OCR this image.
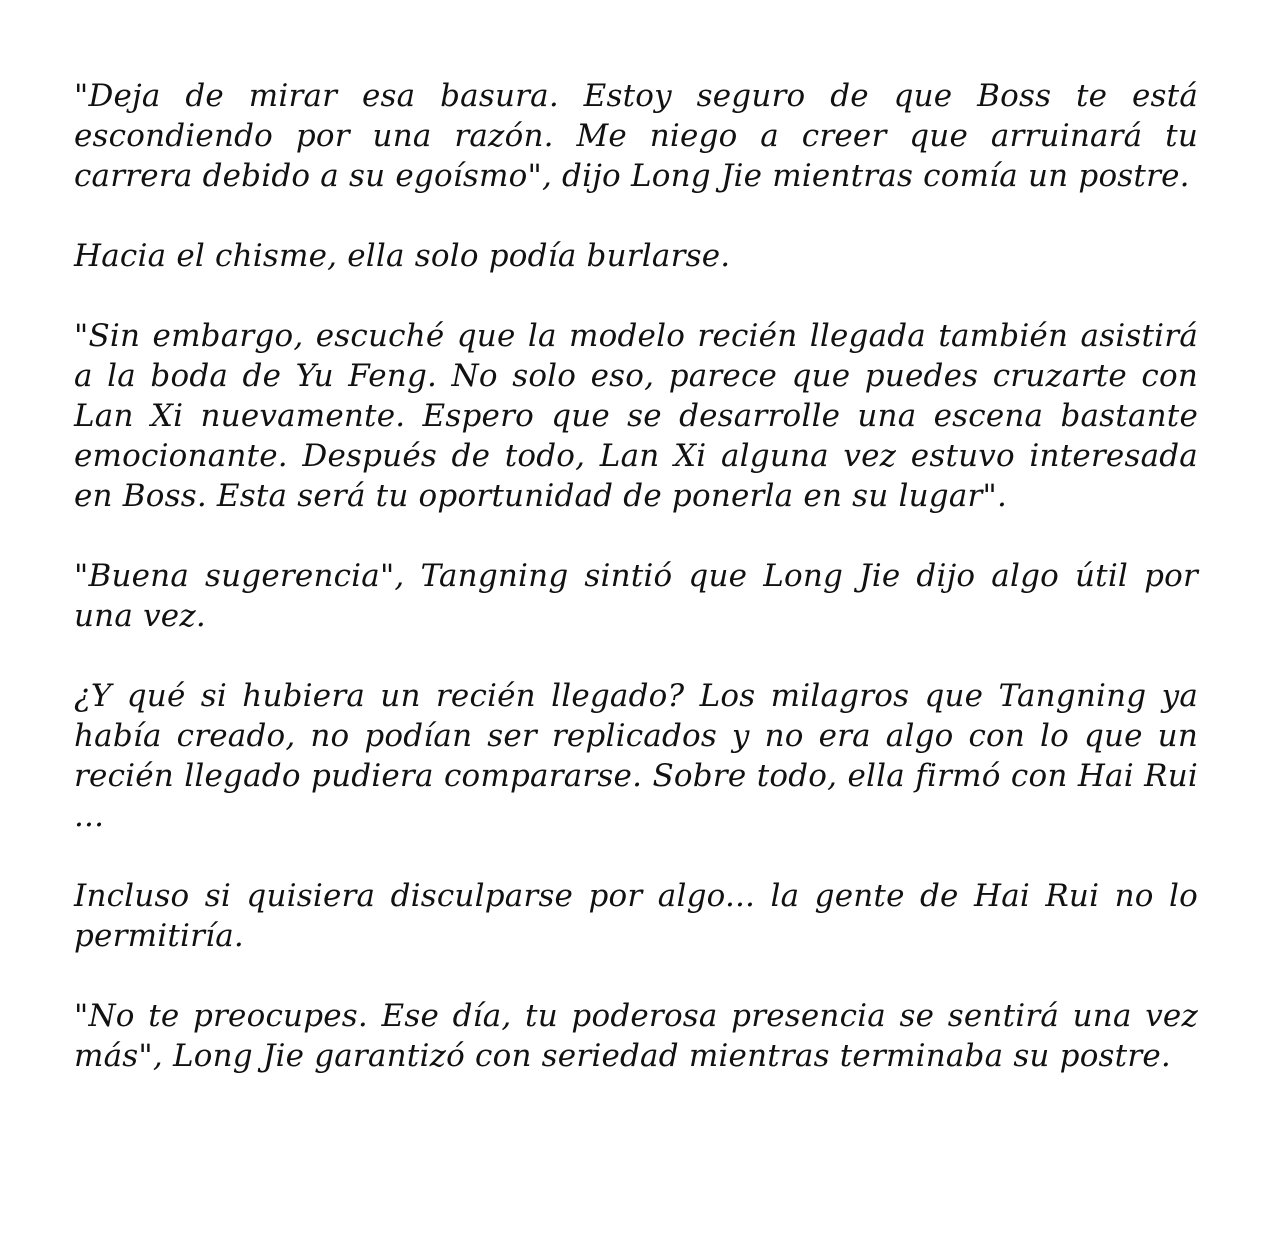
"Deja de mirar esa basura. Estoy seguro de que Boss te está escondiendo por una razón. Me niego a creer que arruinará tu carrera debido a su egoísmo", dijo Long Jie mientras comía un postre.

Hacia el chisme, ella solo podía burlarse.

"Sin embargo, escuché que la modelo recién llegada también asistirá a la boda de Yu Feng. No solo eso, parece que puedes cruzarte con Lan Xi nuevamente. Espero que se desarrolle una escena bastante emocionante. Después de todo, Lan Xi alguna vez estuvo interesada en Boss. Esta será tu oportunidad de ponerla en su lugar".

"Buena sugerencia", Tangning sintió que Long Jie dijo algo útil por una vez.

¿Y qué si hubiera un recién llegado? Los milagros que Tangning ya había creado, no podían ser replicados y no era algo con lo que un recién llegado pudiera compararse. Sobre todo, ella firmó con Hai Rui ...

Incluso si quisiera disculparse por algo... la gente de Hai Rui no lo permitiría.

"No te preocupes. Ese día, tu poderosa presencia se sentirá una vez más", Long Jie garantizó con seriedad mientras terminaba su postre.
